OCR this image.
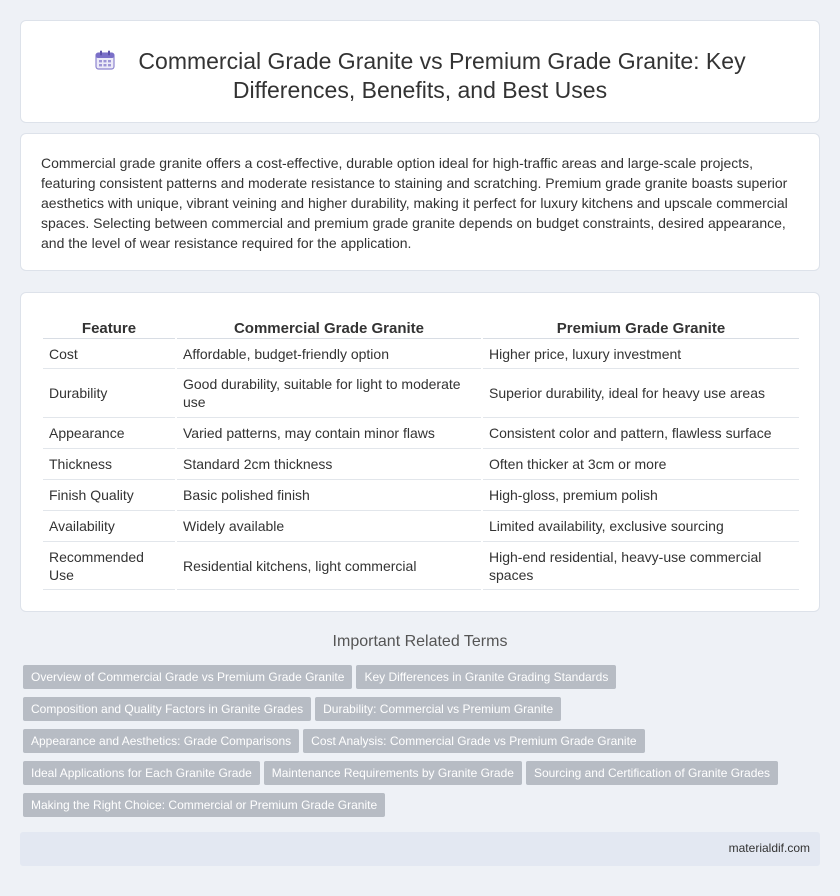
Commercial Grade Granite vs Premium Grade Granite: Key
Differences, Benefits, and Best Uses

Commercial grade granite offers a cost-effective, durable option ideal for high-traffic areas and large-scale projects, featuring consistent patterns and moderate resistance to staining and scratching. Premium grade granite boasts superior aesthetics with unique, vibrant veining and higher durability, making it perfect for luxury kitchens and upscale commercial spaces. Selecting between commercial and premium grade granite depends on budget constraints, desired appearance, and the level of wear resistance required for the application.

Feature	Commercial Grade Granite	Premium Grade Granite
Cost	Affordable, budget-friendly option	Higher price, luxury investment
Durability	Good durability, suitable for light to moderate use	Superior durability, ideal for heavy use areas
Appearance	Varied patterns, may contain minor flaws	Consistent color and pattern, flawless surface
Thickness	Standard 2cm thickness	Often thicker at 3cm or more
Finish Quality	Basic polished finish	High-gloss, premium polish
Availability	Widely available	Limited availability, exclusive sourcing
Recommended Use	Residential kitchens, light commercial	High-end residential, heavy-use commercial spaces
Important Related Terms
Overview of Commercial Grade vs Premium Grade Granite Key Differences in Granite Grading Standards
Composition and Quality Factors in Granite Grades Durability: Commercial vs Premium Granite
Appearance and Aesthetics: Grade Comparisons Cost Analysis: Commercial Grade vs Premium Grade Granite
Ideal Applications for Each Granite Grade Maintenance Requirements by Granite Grade Sourcing and Certification of Granite Grades
Making the Right Choice: Commercial or Premium Grade Granite
materialdif.com
